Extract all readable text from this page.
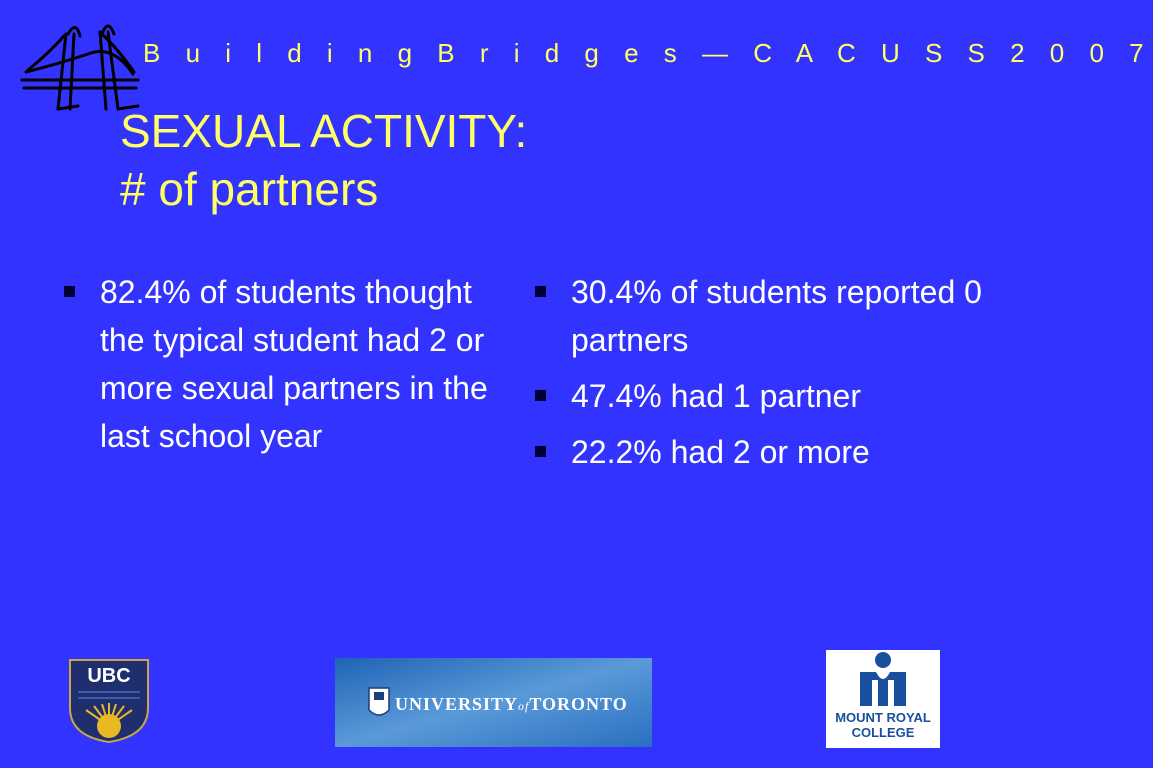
B u i l d i n g B r i d g e s — C A C U S S 2 0 0 7
SEXUAL ACTIVITY:
# of partners
82.4% of students thought the typical student had 2 or more sexual partners in the last school year
30.4% of students reported 0 partners
47.4% had 1 partner
22.2% had 2 or more
UBC
UNIVERSITYofTORONTO
MOUNT ROYAL
COLLEGE
